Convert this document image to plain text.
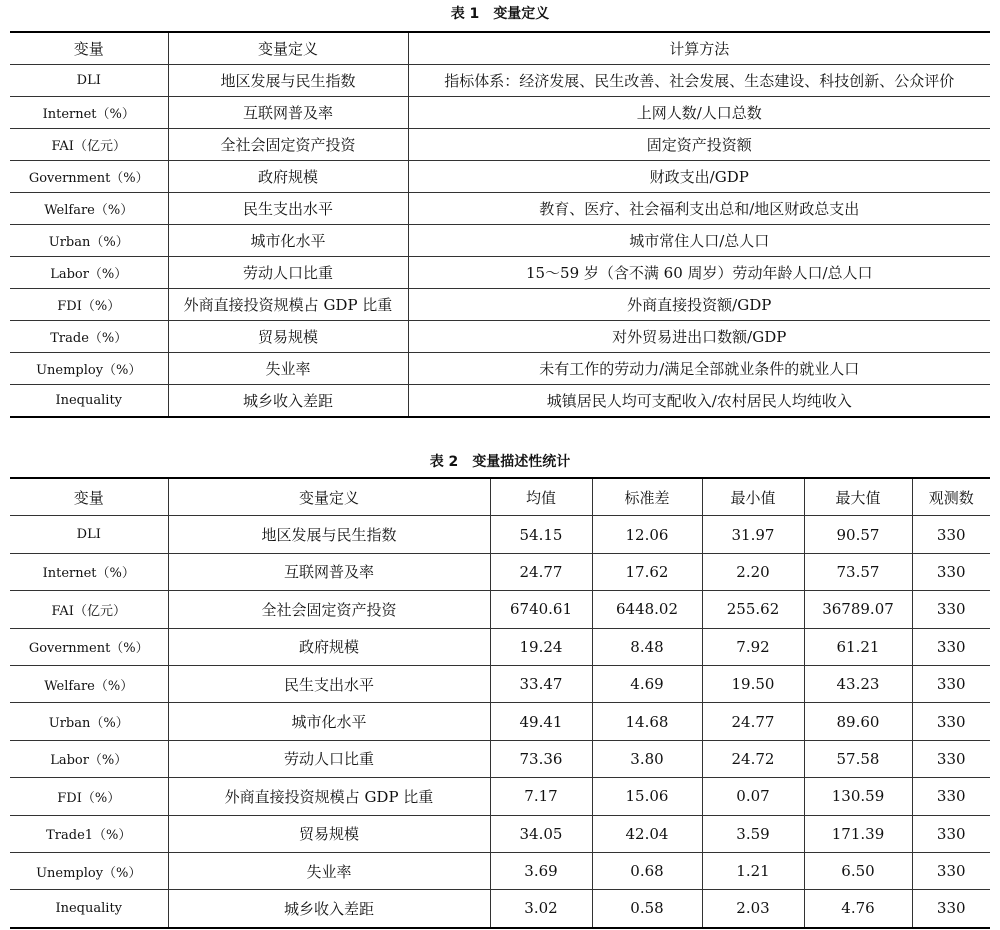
表 1 变量定义
变量	变量定义	计算方法
DLI	地区发展与民生指数	指标体系：经济发展、民生改善、社会发展、生态建设、科技创新、公众评价
Internet（%）	互联网普及率	上网人数/人口总数
FAI（亿元）	全社会固定资产投资	固定资产投资额
Government（%）	政府规模	财政支出/GDP
Welfare（%）	民生支出水平	教育、医疗、社会福利支出总和/地区财政总支出
Urban（%）	城市化水平	城市常住人口/总人口
Labor（%）	劳动人口比重	15～59 岁（含不满 60 周岁）劳动年龄人口/总人口
FDI（%）	外商直接投资规模占 GDP 比重	外商直接投资额/GDP
Trade（%）	贸易规模	对外贸易进出口数额/GDP
Unemploy（%）	失业率	未有工作的劳动力/满足全部就业条件的就业人口
Inequality	城乡收入差距	城镇居民人均可支配收入/农村居民人均纯收入
表 2 变量描述性统计
变量	变量定义	均值	标准差	最小值	最大值	观测数
DLI	地区发展与民生指数	54.15	12.06	31.97	90.57	330
Internet（%）	互联网普及率	24.77	17.62	2.20	73.57	330
FAI（亿元）	全社会固定资产投资	6740.61	6448.02	255.62	36789.07	330
Government（%）	政府规模	19.24	8.48	7.92	61.21	330
Welfare（%）	民生支出水平	33.47	4.69	19.50	43.23	330
Urban（%）	城市化水平	49.41	14.68	24.77	89.60	330
Labor（%）	劳动人口比重	73.36	3.80	24.72	57.58	330
FDI（%）	外商直接投资规模占 GDP 比重	7.17	15.06	0.07	130.59	330
Trade1（%）	贸易规模	34.05	42.04	3.59	171.39	330
Unemploy（%）	失业率	3.69	0.68	1.21	6.50	330
Inequality	城乡收入差距	3.02	0.58	2.03	4.76	330
